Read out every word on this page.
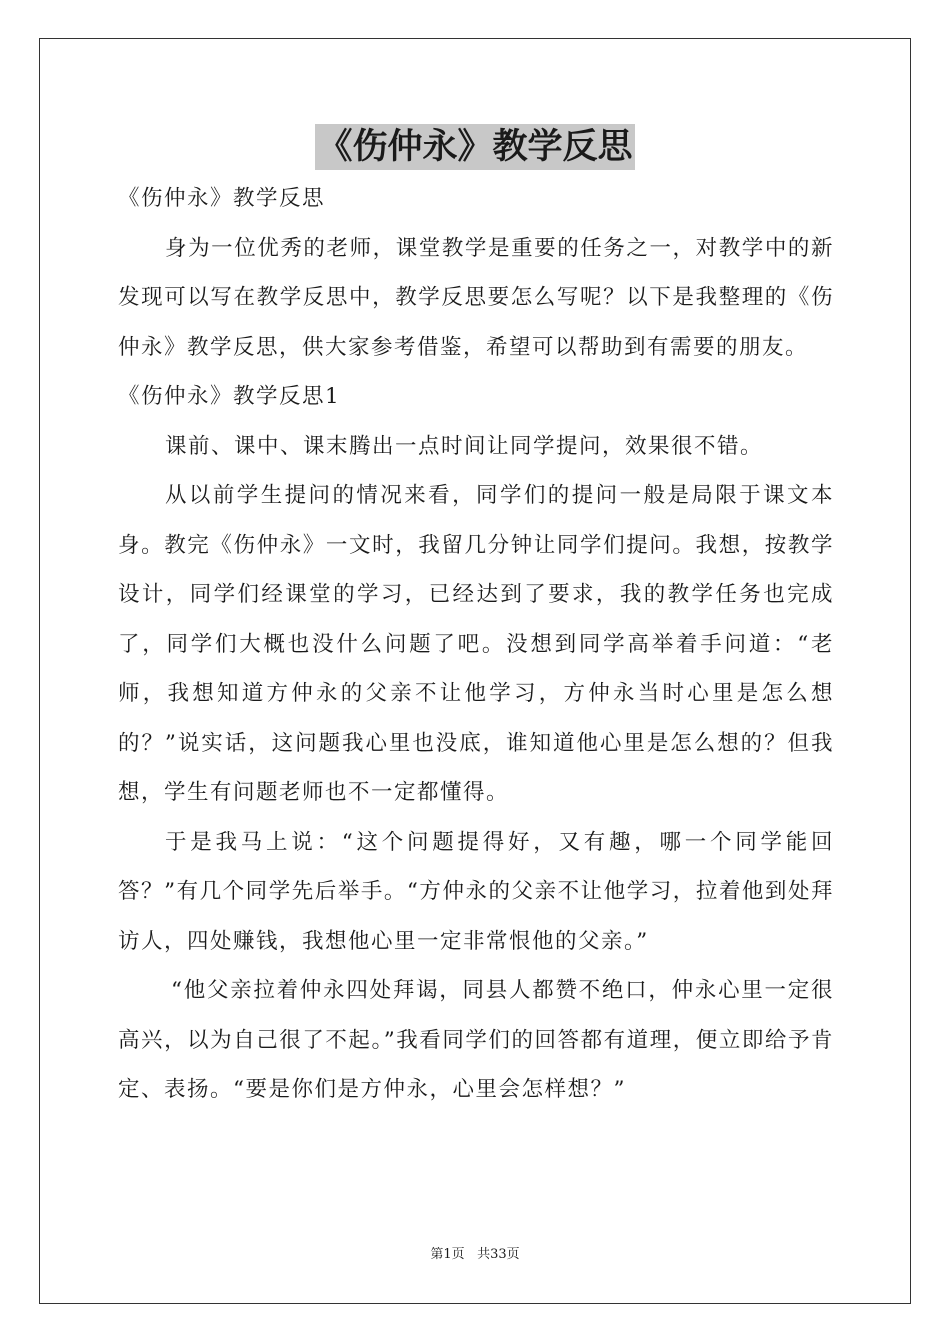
《伤仲永》教学反思

《伤仲永》教学反思

身为一位优秀的老师，课堂教学是重要的任务之一，对教学中的新发现可以写在教学反思中，教学反思要怎么写呢？以下是我整理的《伤仲永》教学反思，供大家参考借鉴，希望可以帮助到有需要的朋友。

《伤仲永》教学反思1

课前、课中、课末腾出一点时间让同学提问，效果很不错。

从以前学生提问的情况来看，同学们的提问一般是局限于课文本身。教完《伤仲永》一文时，我留几分钟让同学们提问。我想，按教学设计，同学们经课堂的学习，已经达到了要求，我的教学任务也完成了，同学们大概也没什么问题了吧。没想到同学高举着手问道：“老师，我想知道方仲永的父亲不让他学习，方仲永当时心里是怎么想的？”说实话，这问题我心里也没底，谁知道他心里是怎么想的？但我想，学生有问题老师也不一定都懂得。

于是我马上说：“这个问题提得好，又有趣，哪一个同学能回答？”有几个同学先后举手。“方仲永的父亲不让他学习，拉着他到处拜访人，四处赚钱，我想他心里一定非常恨他的父亲。”

“他父亲拉着仲永四处拜谒，同县人都赞不绝口，仲永心里一定很高兴，以为自己很了不起。”我看同学们的回答都有道理，便立即给予肯定、表扬。“要是你们是方仲永，心里会怎样想？”

第1页 共33页
